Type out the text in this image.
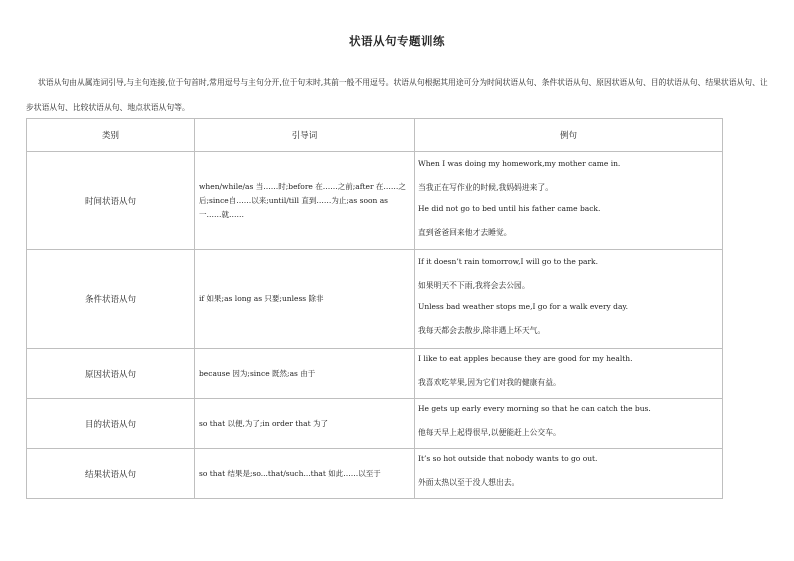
状语从句专题训练
状语从句由从属连词引导,与主句连接,位于句首时,常用逗号与主句分开,位于句末时,其前一般不用逗号。状语从句根据其用途可分为时间状语从句、条件状语从句、原因状语从句、目的状语从句、结果状语从句、让步状语从句、比较状语从句、地点状语从句等。
类别	引导词	例句
时间状语从句	when/while/as 当……时;before 在……之前;after 在……之后;since自……以来;until/till 直到……为止;as soon as 一……就……	When I was doing my homework,my mother came in.

当我正在写作业的时候,我妈妈进来了。

He did not go to bed until his father came back.

直到爸爸回来他才去睡觉。

条件状语从句	if 如果;as long as 只要;unless 除非	If it doesn’t rain tomorrow,I will go to the park.

如果明天不下雨,我将会去公园。

Unless bad weather stops me,I go for a walk every day.

我每天都会去散步,除非遇上坏天气。

原因状语从句	because 因为;since 既然;as 由于	I like to eat apples because they are good for my health.

我喜欢吃苹果,因为它们对我的健康有益。

目的状语从句	so that 以便,为了;in order that 为了	He gets up early every morning so that he can catch the bus.

他每天早上起得很早,以便能赶上公交车。

结果状语从句	so that 结果是;so...that/such...that 如此……以至于	It’s so hot outside that nobody wants to go out.

外面太热以至于没人想出去。
